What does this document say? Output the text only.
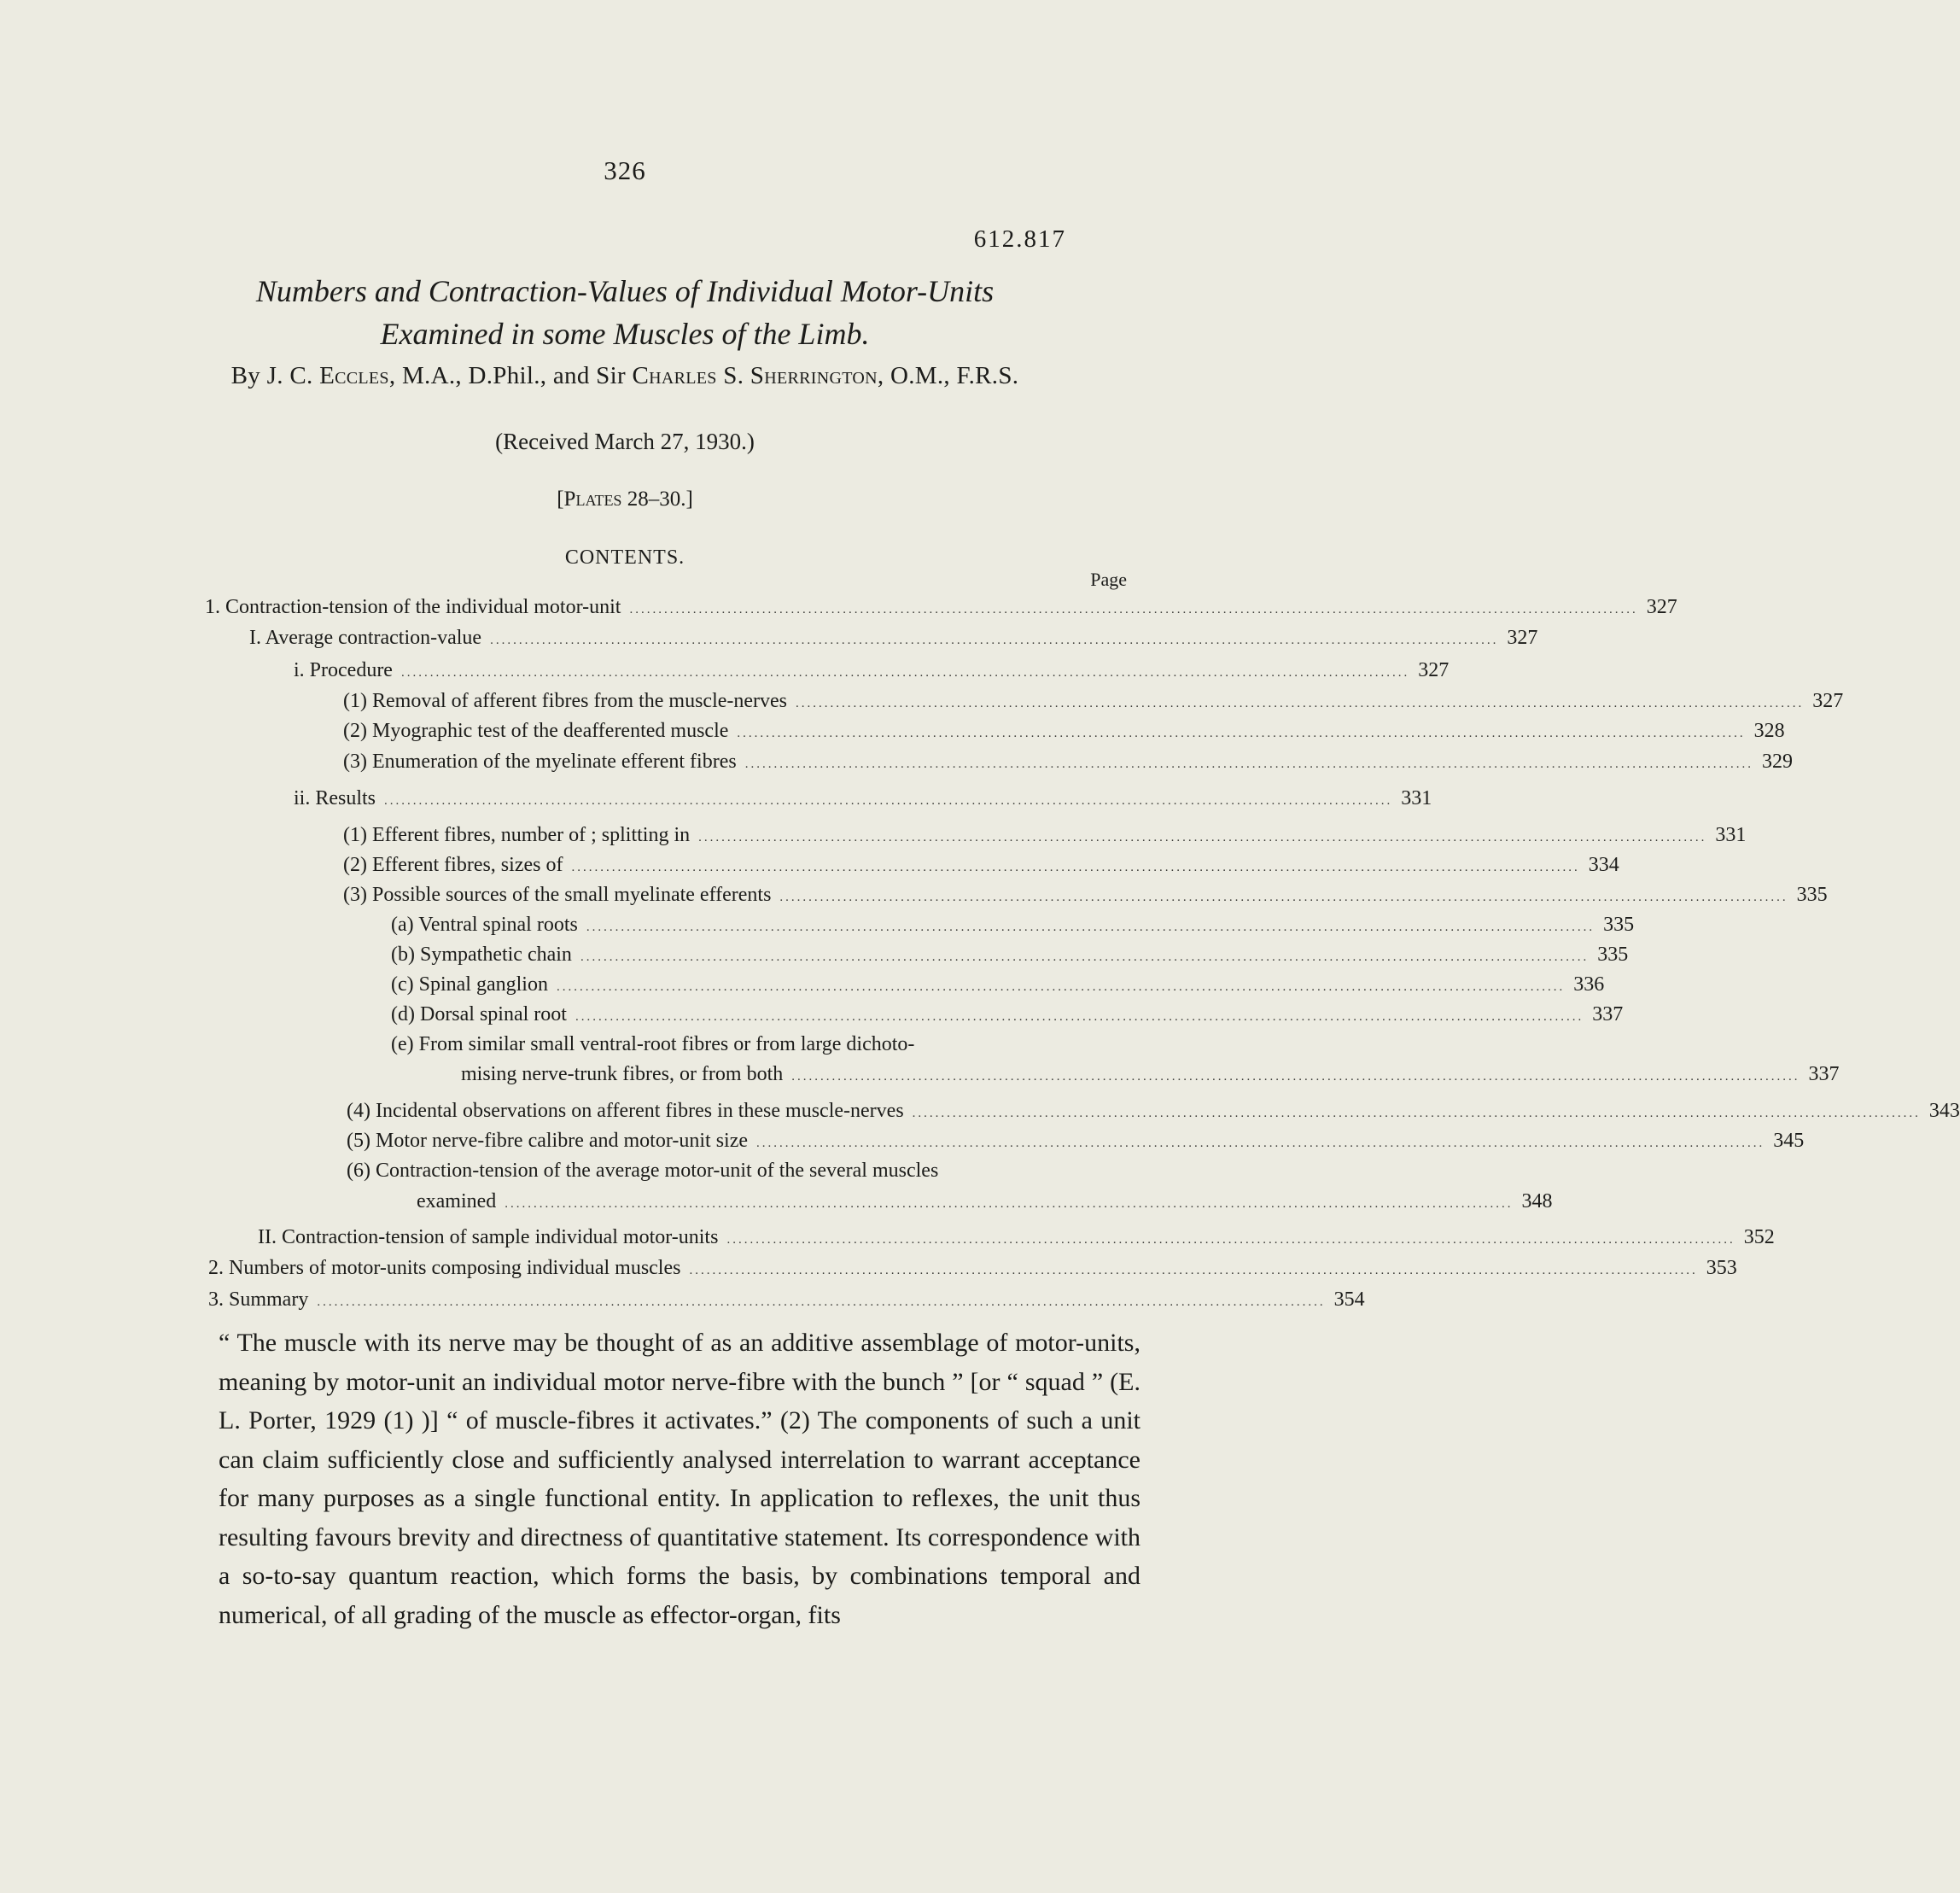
326
612.817
Numbers and Contraction-Values of Individual Motor-Units
Examined in some Muscles of the Limb.
By J. C. Eccles, M.A., D.Phil., and Sir Charles S. Sherrington, O.M., F.R.S.
(Received March 27, 1930.)
[Plates 28–30.]
CONTENTS.
Page
1. Contraction-tension of the individual motor-unit ............................................................................................................................................................................... 327
I. Average contraction-value ............................................................................................................................................................................... 327
i. Procedure ............................................................................................................................................................................... 327
(1) Removal of afferent fibres from the muscle-nerves ............................................................................................................................................................................... 327
(2) Myographic test of the deafferented muscle ............................................................................................................................................................................... 328
(3) Enumeration of the myelinate efferent fibres ............................................................................................................................................................................... 329
ii. Results ............................................................................................................................................................................... 331
(1) Efferent fibres, number of ; splitting in ............................................................................................................................................................................... 331
(2) Efferent fibres, sizes of ............................................................................................................................................................................... 334
(3) Possible sources of the small myelinate efferents ............................................................................................................................................................................... 335
(a) Ventral spinal roots ............................................................................................................................................................................... 335
(b) Sympathetic chain ............................................................................................................................................................................... 335
(c) Spinal ganglion ............................................................................................................................................................................... 336
(d) Dorsal spinal root ............................................................................................................................................................................... 337
(e) From similar small ventral-root fibres or from large dichoto-
mising nerve-trunk fibres, or from both ............................................................................................................................................................................... 337
(4) Incidental observations on afferent fibres in these muscle-nerves ............................................................................................................................................................................... 343
(5) Motor nerve-fibre calibre and motor-unit size ............................................................................................................................................................................... 345
(6) Contraction-tension of the average motor-unit of the several muscles
examined ............................................................................................................................................................................... 348
II. Contraction-tension of sample individual motor-units ............................................................................................................................................................................... 352
2. Numbers of motor-units composing individual muscles ............................................................................................................................................................................... 353
3. Summary ............................................................................................................................................................................... 354
“ The muscle with its nerve may be thought of as an additive assemblage of motor-units, meaning by motor-unit an individual motor nerve-fibre with the bunch ” [or “ squad ” (E. L. Porter, 1929 (1) )] “ of muscle-fibres it activates.” (2) The components of such a unit can claim sufficiently close and sufficiently analysed interrelation to warrant acceptance for many purposes as a single functional entity. In application to reflexes, the unit thus resulting favours brevity and directness of quantitative statement. Its correspondence with a so-to-say quantum reaction, which forms the basis, by combinations temporal and numerical, of all grading of the muscle as effector-organ, fits
